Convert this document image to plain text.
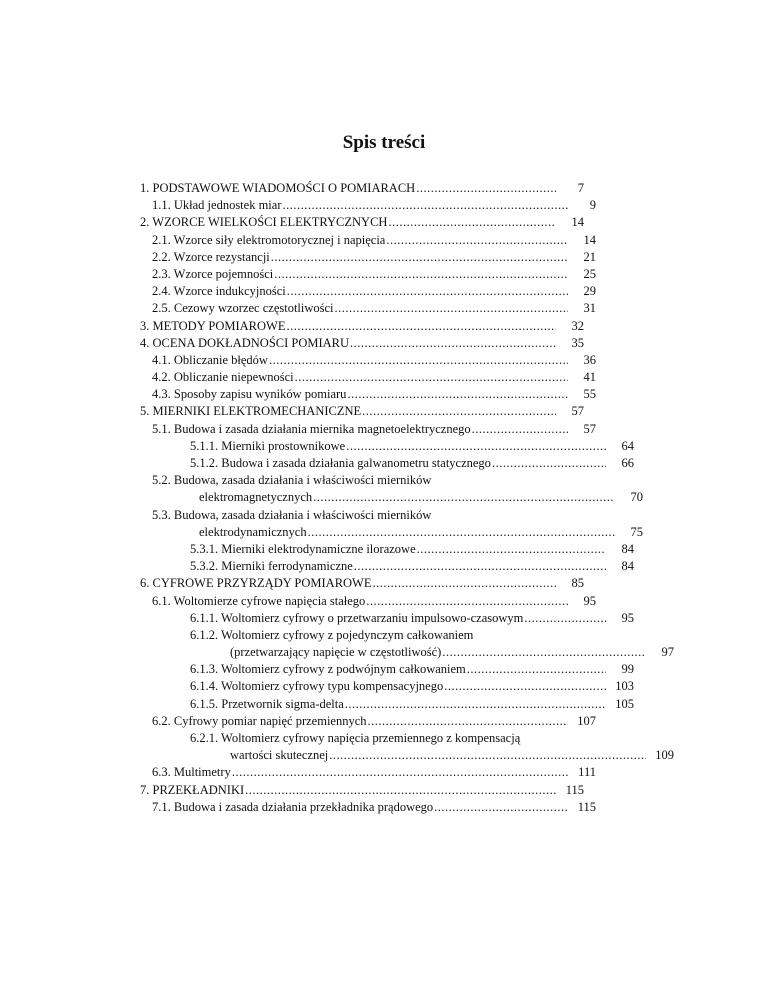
Spis treści
1. PODSTAWOWE WIADOMOŚCI O POMIARACH .....	7
1.1. Układ jednostek miar .....	9
2. WZORCE WIELKOŚCI ELEKTRYCZNYCH .....	14
2.1. Wzorce siły elektromotorycznej i napięcia .....	14
2.2. Wzorce rezystancji .....	21
2.3. Wzorce pojemności .....	25
2.4. Wzorce indukcyjności .....	29
2.5. Cezowy wzorzec częstotliwości .....	31
3. METODY POMIAROWE .....	32
4. OCENA DOKŁADNOŚCI POMIARU .....	35
4.1. Obliczanie błędów .....	36
4.2. Obliczanie niepewności .....	41
4.3. Sposoby zapisu wyników pomiaru .....	55
5. MIERNIKI ELEKTROMECHANICZNE .....	57
5.1. Budowa i zasada działania miernika magnetoelektrycznego .....	57
5.1.1. Mierniki prostownikowe .....	64
5.1.2. Budowa i zasada działania galwanometru statycznego .....	66
5.2. Budowa, zasada działania i właściwości mierników
elektromagnetycznych .....	70
5.3. Budowa, zasada działania i właściwości mierników
elektrodynamicznych .....	75
5.3.1. Mierniki elektrodynamiczne ilorazowe .....	84
5.3.2. Mierniki ferrodynamiczne .....	84
6. CYFROWE PRZYRZĄDY POMIAROWE .....	85
6.1. Woltomierze cyfrowe napięcia stałego .....	95
6.1.1. Woltomierz cyfrowy o przetwarzaniu impulsowo-czasowym .....	95
6.1.2. Woltomierz cyfrowy z pojedynczym całkowaniem
(przetwarzający napięcie w częstotliwość) .....	97
6.1.3. Woltomierz cyfrowy z podwójnym całkowaniem .....	99
6.1.4. Woltomierz cyfrowy typu kompensacyjnego .....	103
6.1.5. Przetwornik sigma-delta .....	105
6.2. Cyfrowy pomiar napięć przemiennych .....	107
6.2.1. Woltomierz cyfrowy napięcia przemiennego z kompensacją
wartości skutecznej .....	109
6.3. Multimetry .....	111
7. PRZEKŁADNIKI .....	115
7.1. Budowa i zasada działania przekładnika prądowego .....	115
